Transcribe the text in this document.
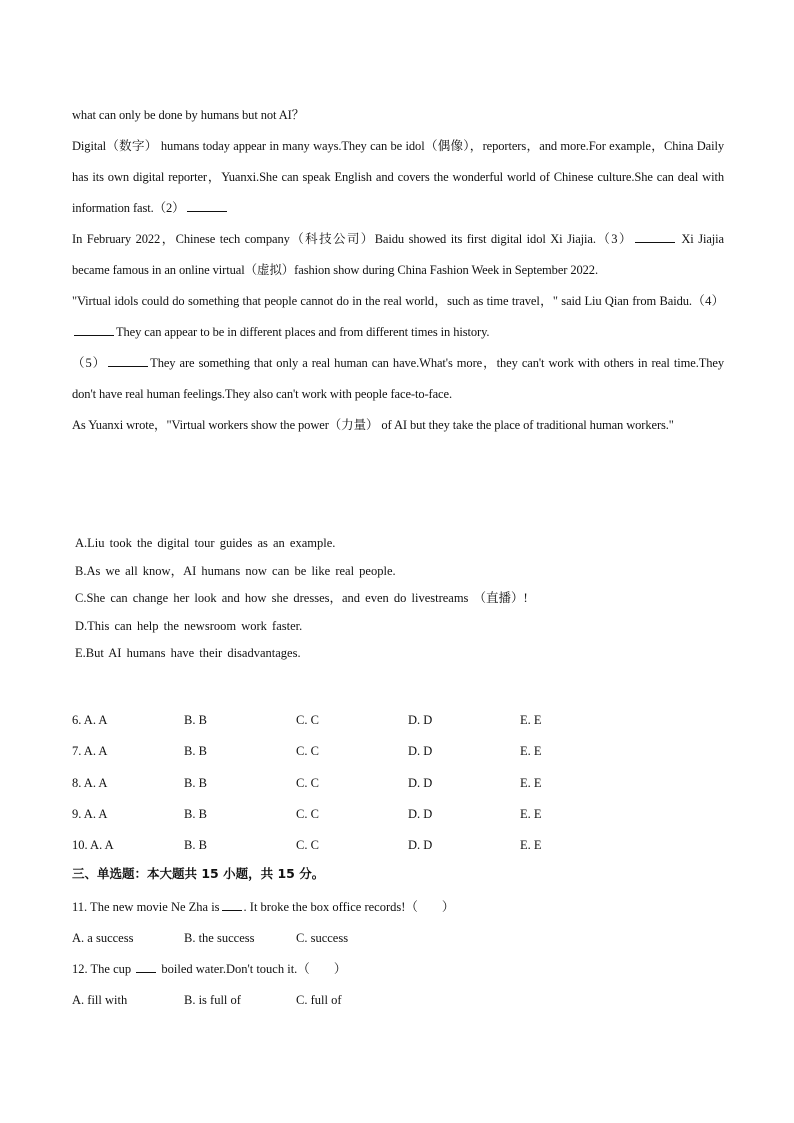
what can only be done by humans but not AI？

Digital（数字） humans today appear in many ways.They can be idol（偶像），reporters，and more.For example，China Daily has its own digital reporter，Yuanxi.She can speak English and covers the wonderful world of Chinese culture.She can deal with information fast.（2）

In February 2022，Chinese tech company（科技公司）Baidu showed its first digital idol Xi Jiajia.（3）	Xi Jiajia became famous in an online virtual（虚拟）fashion show during China Fashion Week in September 2022.

"Virtual idols could do something that people cannot do in the real world，such as time travel，" said Liu Qian from Baidu.（4）They can appear to be in different places and from different times in history.

（5）	They are something that only a real human can have.What's more，they can't work with others in real time.They don't have real human feelings.They also can't work with people face-to-face.

As Yuanxi wrote，"Virtual workers show the power（力量） of AI but they take the place of traditional human workers."

A.Liu took the digital tour guides as an example.

B.As we all know，AI humans now can be like real people.

C.She can change her look and how she dresses，and even do livestreams （直播）!

D.This can help the newsroom work faster.

E.But AI humans have their disadvantages.

6. A. A	B. B	C. C	D. D	E. E
7. A. A	B. B	C. C	D. D	E. E
8. A. A	B. B	C. C	D. D	E. E
9. A. A	B. B	C. C	D. D	E. E
10. A. A	B. B	C. C	D. D	E. E
三、单选题：本大题共 15 小题，共 15 分。
11. The new movie Ne Zha is . It broke the box office records!（ ）
A. a success	B. the success	C. success
12. The cup boiled water.Don't touch it.（ ）
A. fill with	B. is full of	C. full of
